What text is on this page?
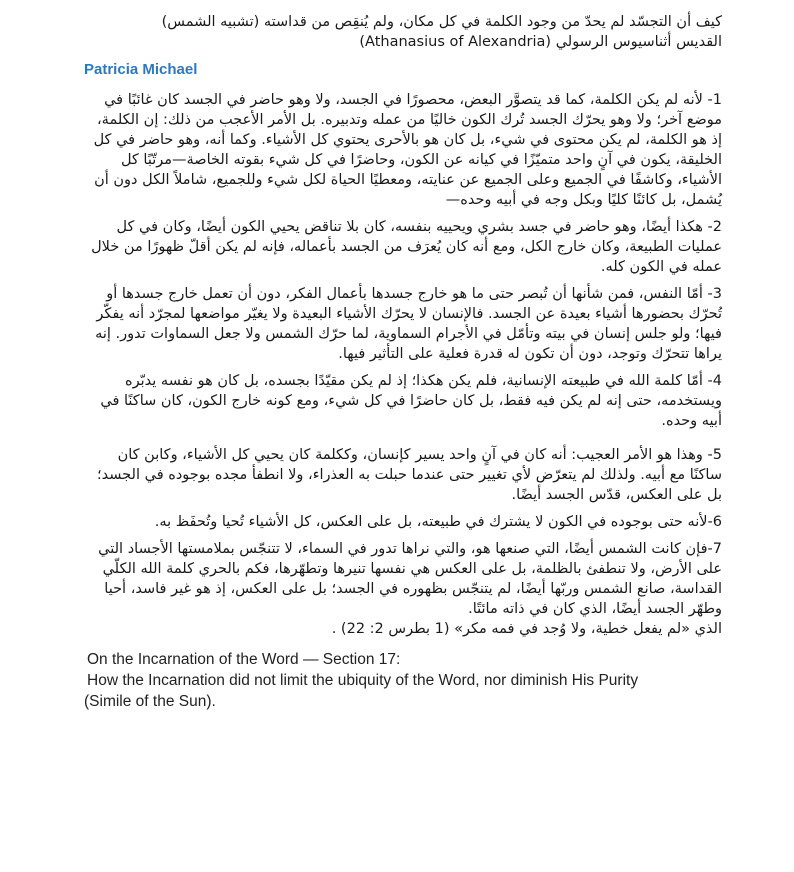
كيف أن التجسّد لم يحدّ من وجود الكلمة في كل مكان، ولم يُنقِص من قداسته (تشبيه الشمس)
القديس أثناسيوس الرسولي (Athanasius of Alexandria)
Patricia Michael

1- لأنه لم يكن الكلمة، كما قد يتصوَّر البعض، محصورًا في الجسد، ولا وهو حاضر في الجسد كان غائبًا في موضع آخر؛ ولا وهو يحرّك الجسد تُرك الكون خاليًا من عمله وتدبيره. بل الأمر الأعجب من ذلك: إن الكلمة، إذ هو الكلمة، لم يكن محتوى في شيء، بل كان هو بالأحرى يحتوي كل الأشياء. وكما أنه، وهو حاضر في كل الخليقة، يكون في آنٍ واحد متميّزًا في كيانه عن الكون، وحاضرًا في كل شيء بقوته الخاصة—مرتّبًا كل الأشياء، وكاشفًا في الجميع وعلى الجميع عن عنايته، ومعطيًا الحياة لكل شيء وللجميع، شاملاً الكل دون أن يُشمل، بل كائنًا كليًا وبكل وجه في أبيه وحده—

2- هكذا أيضًا، وهو حاضر في جسد بشري ويحييه بنفسه، كان بلا تناقض يحيي الكون أيضًا، وكان في كل عمليات الطبيعة، وكان خارج الكل، ومع أنه كان يُعرَف من الجسد بأعماله، فإنه لم يكن أقلّ ظهورًا من خلال عمله في الكون كله.

3- أمّا النفس، فمن شأنها أن تُبصر حتى ما هو خارج جسدها بأعمال الفكر، دون أن تعمل خارج جسدها أو تُحرّك بحضورها أشياء بعيدة عن الجسد. فالإنسان لا يحرّك الأشياء البعيدة ولا يغيّر مواضعها لمجرّد أنه يفكّر فيها؛ ولو جلس إنسان في بيته وتأمّل في الأجرام السماوية، لما حرّك الشمس ولا جعل السماوات تدور. إنه يراها تتحرّك وتوجد، دون أن تكون له قدرة فعلية على التأثير فيها.

4- أمّا كلمة الله في طبيعته الإنسانية، فلم يكن هكذا؛ إذ لم يكن مقيّدًا بجسده، بل كان هو نفسه يدبّره ويستخدمه، حتى إنه لم يكن فيه فقط، بل كان حاضرًا في كل شيء، ومع كونه خارج الكون، كان ساكنًا في أبيه وحده.

5- وهذا هو الأمر العجيب: أنه كان في آنٍ واحد يسير كإنسان، وككلمة كان يحيي كل الأشياء، وكابن كان ساكنًا مع أبيه. ولذلك لم يتعرّض لأي تغيير حتى عندما حبلت به العذراء، ولا انطفأ مجده بوجوده في الجسد؛ بل على العكس، قدّس الجسد أيضًا.

6-لأنه حتى بوجوده في الكون لا يشترك في طبيعته، بل على العكس، كل الأشياء تُحيا وتُحفَظ به.

7-فإن كانت الشمس أيضًا، التي صنعها هو، والتي نراها تدور في السماء، لا تتنجّس بملامستها الأجساد التي على الأرض، ولا تنطفئ بالظلمة، بل على العكس هي نفسها تنيرها وتطهّرها، فكم بالحري كلمة الله الكلّي القداسة، صانع الشمس وربّها أيضًا، لم يتنجّس بظهوره في الجسد؛ بل على العكس، إذ هو غير فاسد، أحيا وطهّر الجسد أيضًا، الذي كان في ذاته مائتًا.
الذي «لم يفعل خطية، ولا وُجد في فمه مكر» (1 بطرس 2: 22) .
On the Incarnation of the Word — Section 17:
How the Incarnation did not limit the ubiquity of the Word, nor diminish His Purity
(Simile of the Sun).
